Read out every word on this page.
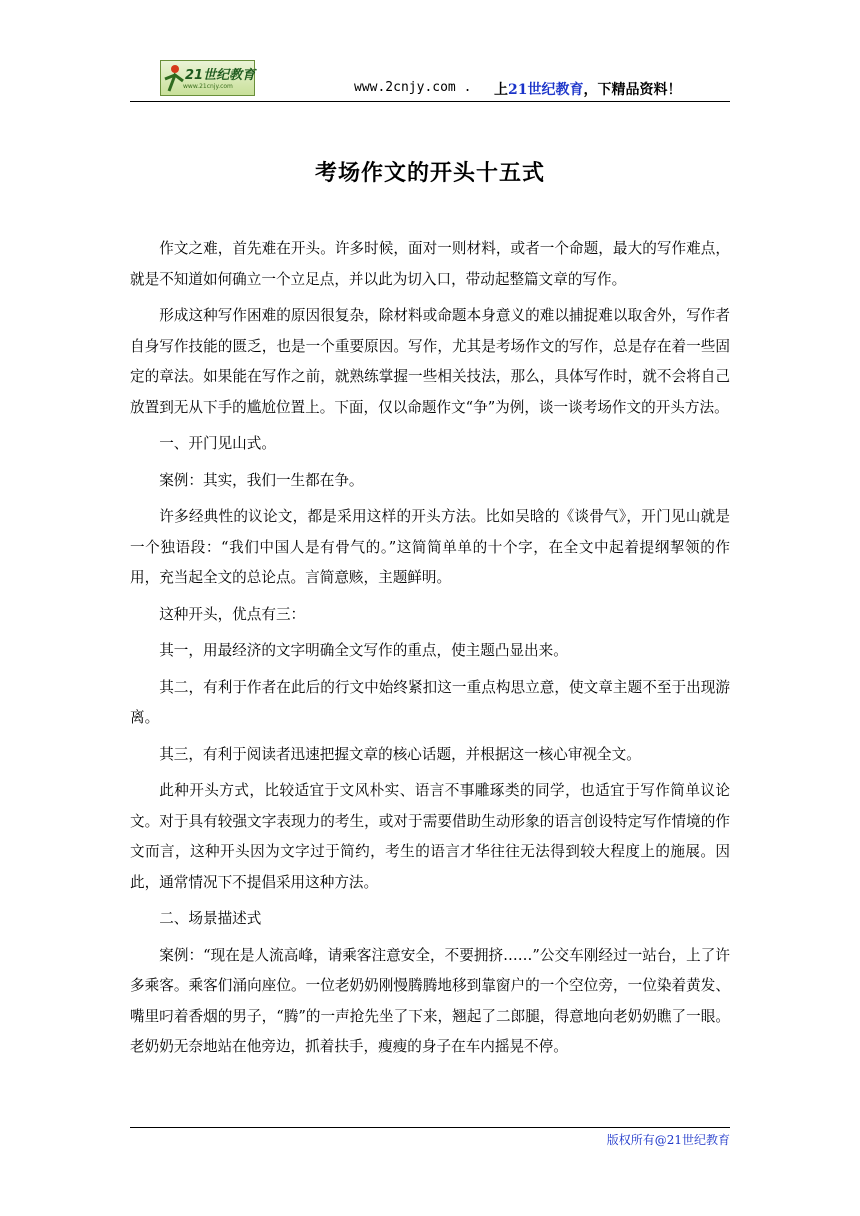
21世纪教育
www.21cnjy.com	www.2cnjy.com . 上21世纪教育，下精品资料！
考场作文的开头十五式

作文之难，首先难在开头。许多时候，面对一则材料，或者一个命题，最大的写作难点，就是不知道如何确立一个立足点，并以此为切入口，带动起整篇文章的写作。

形成这种写作困难的原因很复杂，除材料或命题本身意义的难以捕捉难以取舍外，写作者自身写作技能的匮乏，也是一个重要原因。写作，尤其是考场作文的写作，总是存在着一些固定的章法。如果能在写作之前，就熟练掌握一些相关技法，那么，具体写作时，就不会将自己放置到无从下手的尴尬位置上。下面，仅以命题作文“争”为例，谈一谈考场作文的开头方法。

一、开门见山式。

案例：其实，我们一生都在争。

许多经典性的议论文，都是采用这样的开头方法。比如吴晗的《谈骨气》，开门见山就是一个独语段：“我们中国人是有骨气的。”这简简单单的十个字，在全文中起着提纲挈领的作用，充当起全文的总论点。言简意赅，主题鲜明。

这种开头，优点有三：

其一，用最经济的文字明确全文写作的重点，使主题凸显出来。

其二，有利于作者在此后的行文中始终紧扣这一重点构思立意，使文章主题不至于出现游离。

其三，有利于阅读者迅速把握文章的核心话题，并根据这一核心审视全文。

此种开头方式，比较适宜于文风朴实、语言不事雕琢类的同学，也适宜于写作简单议论文。对于具有较强文字表现力的考生，或对于需要借助生动形象的语言创设特定写作情境的作文而言，这种开头因为文字过于简约，考生的语言才华往往无法得到较大程度上的施展。因此，通常情况下不提倡采用这种方法。

二、场景描述式

案例：“现在是人流高峰，请乘客注意安全，不要拥挤……”公交车刚经过一站台，上了许多乘客。乘客们涌向座位。一位老奶奶刚慢腾腾地移到靠窗户的一个空位旁，一位染着黄发、嘴里叼着香烟的男子，“腾”的一声抢先坐了下来，翘起了二郎腿，得意地向老奶奶瞧了一眼。老奶奶无奈地站在他旁边，抓着扶手，瘦瘦的身子在车内摇晃不停。

版权所有@21世纪教育
